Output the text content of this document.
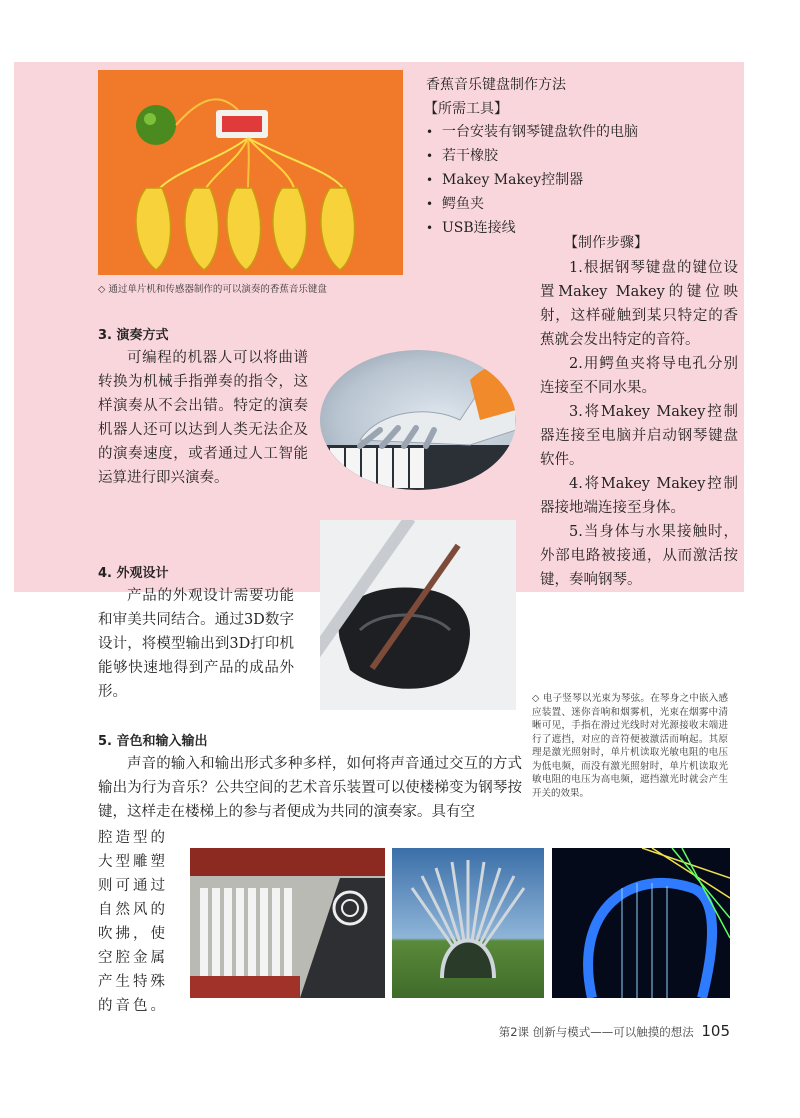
◇ 通过单片机和传感器制作的可以演奏的香蕉音乐键盘
香蕉音乐键盘制作方法
【所需工具】
• 一台安装有钢琴键盘软件的电脑
• 若干橡胶
• Makey Makey控制器
• 鳄鱼夹
• USB连接线
【制作步骤】

1.根据钢琴键盘的键位设置Makey Makey的键位映射，这样碰触到某只特定的香蕉就会发出特定的音符。

2.用鳄鱼夹将导电孔分别连接至不同水果。

3.将Makey Makey控制器连接至电脑并启动钢琴键盘软件。

4.将Makey Makey控制器接地端连接至身体。

5.当身体与水果接触时，外部电路被接通，从而激活按键，奏响钢琴。

3. 演奏方式

可编程的机器人可以将曲谱转换为机械手指弹奏的指令，这样演奏从不会出错。特定的演奏机器人还可以达到人类无法企及的演奏速度，或者通过人工智能运算进行即兴演奏。

4. 外观设计

产品的外观设计需要功能和审美共同结合。通过3D数字设计，将模型输出到3D打印机能够快速地得到产品的成品外形。	◇ 电子竖琴以光束为琴弦。在琴身之中嵌入感应装置、迷你音响和烟雾机，光束在烟雾中清晰可见，手指在滑过光线时对光源接收末端进行了遮挡，对应的音符便被激活而响起。其原理是激光照射时，单片机读取光敏电阻的电压为低电频，而没有激光照射时，单片机读取光敏电阻的电压为高电频，遮挡激光时就会产生开关的效果。
5. 音色和输入输出

声音的输入和输出形式多种多样，如何将声音通过交互的方式输出为行为音乐？公共空间的艺术音乐装置可以使楼梯变为钢琴按键，这样走在楼梯上的参与者便成为共同的演奏家。具有空

腔造型的
大型雕塑
则可通过
自然风的
吹拂，使
空腔金属
产生特殊
的音色。
第2课 创新与模式——可以触摸的想法 105
